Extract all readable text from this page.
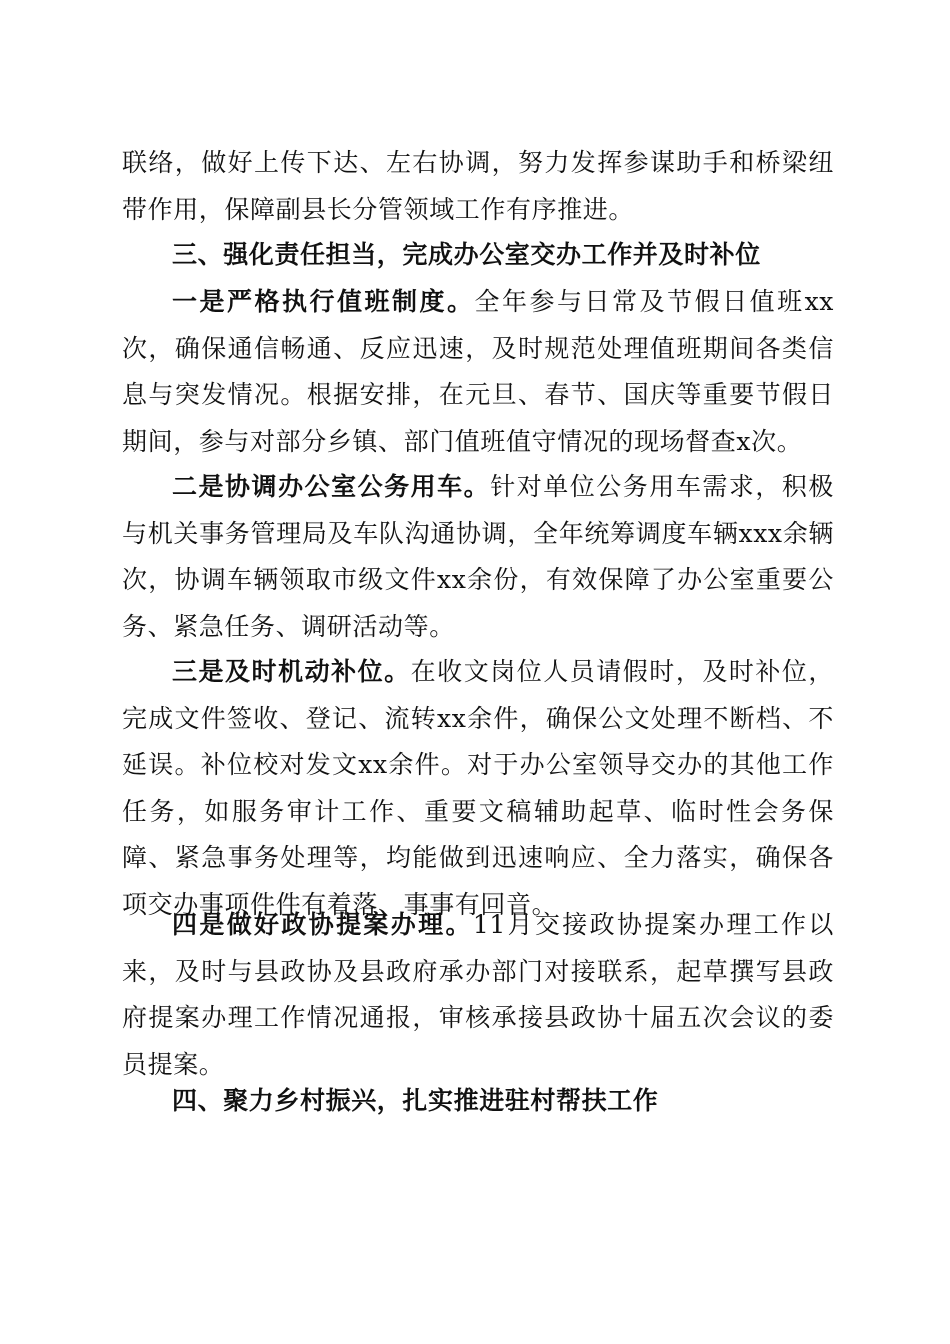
联络，做好上传下达、左右协调，努力发挥参谋助手和桥梁纽带作用，保障副县长分管领域工作有序推进。

三、强化责任担当，完成办公室交办工作并及时补位

一是严格执行值班制度。全年参与日常及节假日值班xx次，确保通信畅通、反应迅速，及时规范处理值班期间各类信息与突发情况。根据安排，在元旦、春节、国庆等重要节假日期间，参与对部分乡镇、部门值班值守情况的现场督查x次。

二是协调办公室公务用车。针对单位公务用车需求，积极与机关事务管理局及车队沟通协调，全年统筹调度车辆xxx余辆次，协调车辆领取市级文件xx余份，有效保障了办公室重要公务、紧急任务、调研活动等。

三是及时机动补位。在收文岗位人员请假时，及时补位，完成文件签收、登记、流转xx余件，确保公文处理不断档、不延误。补位校对发文xx余件。对于办公室领导交办的其他工作任务，如服务审计工作、重要文稿辅助起草、临时性会务保障、紧急事务处理等，均能做到迅速响应、全力落实，确保各项交办事项件件有着落、事事有回音。

四是做好政协提案办理。11月交接政协提案办理工作以来，及时与县政协及县政府承办部门对接联系，起草撰写县政府提案办理工作情况通报，审核承接县政协十届五次会议的委员提案。

四、聚力乡村振兴，扎实推进驻村帮扶工作
